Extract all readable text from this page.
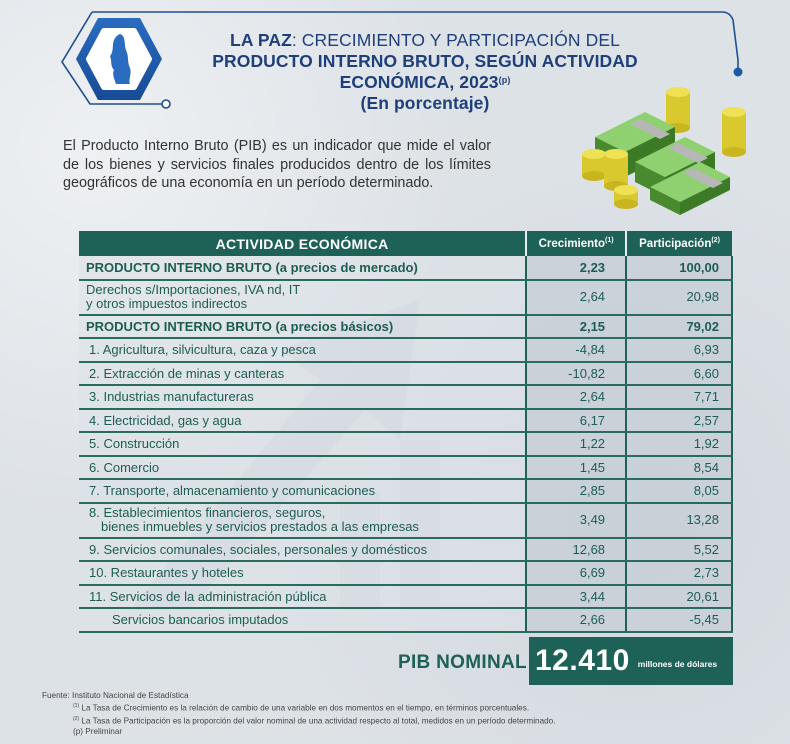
LA PAZ: CRECIMIENTO Y PARTICIPACIÓN DEL
PRODUCTO INTERNO BRUTO, SEGÚN ACTIVIDAD
ECONÓMICA, 2023$^{(p)}$
(En porcentaje)

El Producto Interno Bruto (PIB) es un indicador que mide el valor de los bienes y servicios finales producidos dentro de los límites geográficos de una economía en un período determinado.

ACTIVIDAD ECONÓMICA	Crecimiento$^{(1)}$	Participación$^{(2)}$
PRODUCTO INTERNO BRUTO (a precios de mercado)	2,23	100,00

Derechos s/Importaciones, IVA nd, IT
y otros impuestos indirectos	2,64	20,98
PRODUCTO INTERNO BRUTO (a precios básicos)	2,15	79,02
1. Agricultura, silvicultura, caza y pesca	-4,84	6,93
2. Extracción de minas y canteras	-10,82	6,60
3. Industrias manufactureras	2,64	7,71
4. Electricidad, gas y agua	6,17	2,57
5. Construcción	1,22	1,92
6. Comercio	1,45	8,54
7. Transporte, almacenamiento y comunicaciones	2,85	8,05

8. Establecimientos financieros, seguros,
bienes inmuebles y servicios prestados a las empresas	3,49	13,28
9. Servicios comunales, sociales, personales y domésticos	12,68	5,52
10. Restaurantes y hoteles	6,69	2,73
11. Servicios de la administración pública	3,44	20,61
Servicios bancarios imputados	2,66	-5,45
PIB NOMINAL 12.410 millones de dólares
Fuente: Instituto Nacional de Estadística
$^{(1)}$ La Tasa de Crecimiento es la relación de cambio de una variable en dos momentos en el tiempo, en términos porcentuales.
$^{(2)}$ La Tasa de Participación es la proporción del valor nominal de una actividad respecto al total, medidos en un período determinado.
(p) Preliminar
